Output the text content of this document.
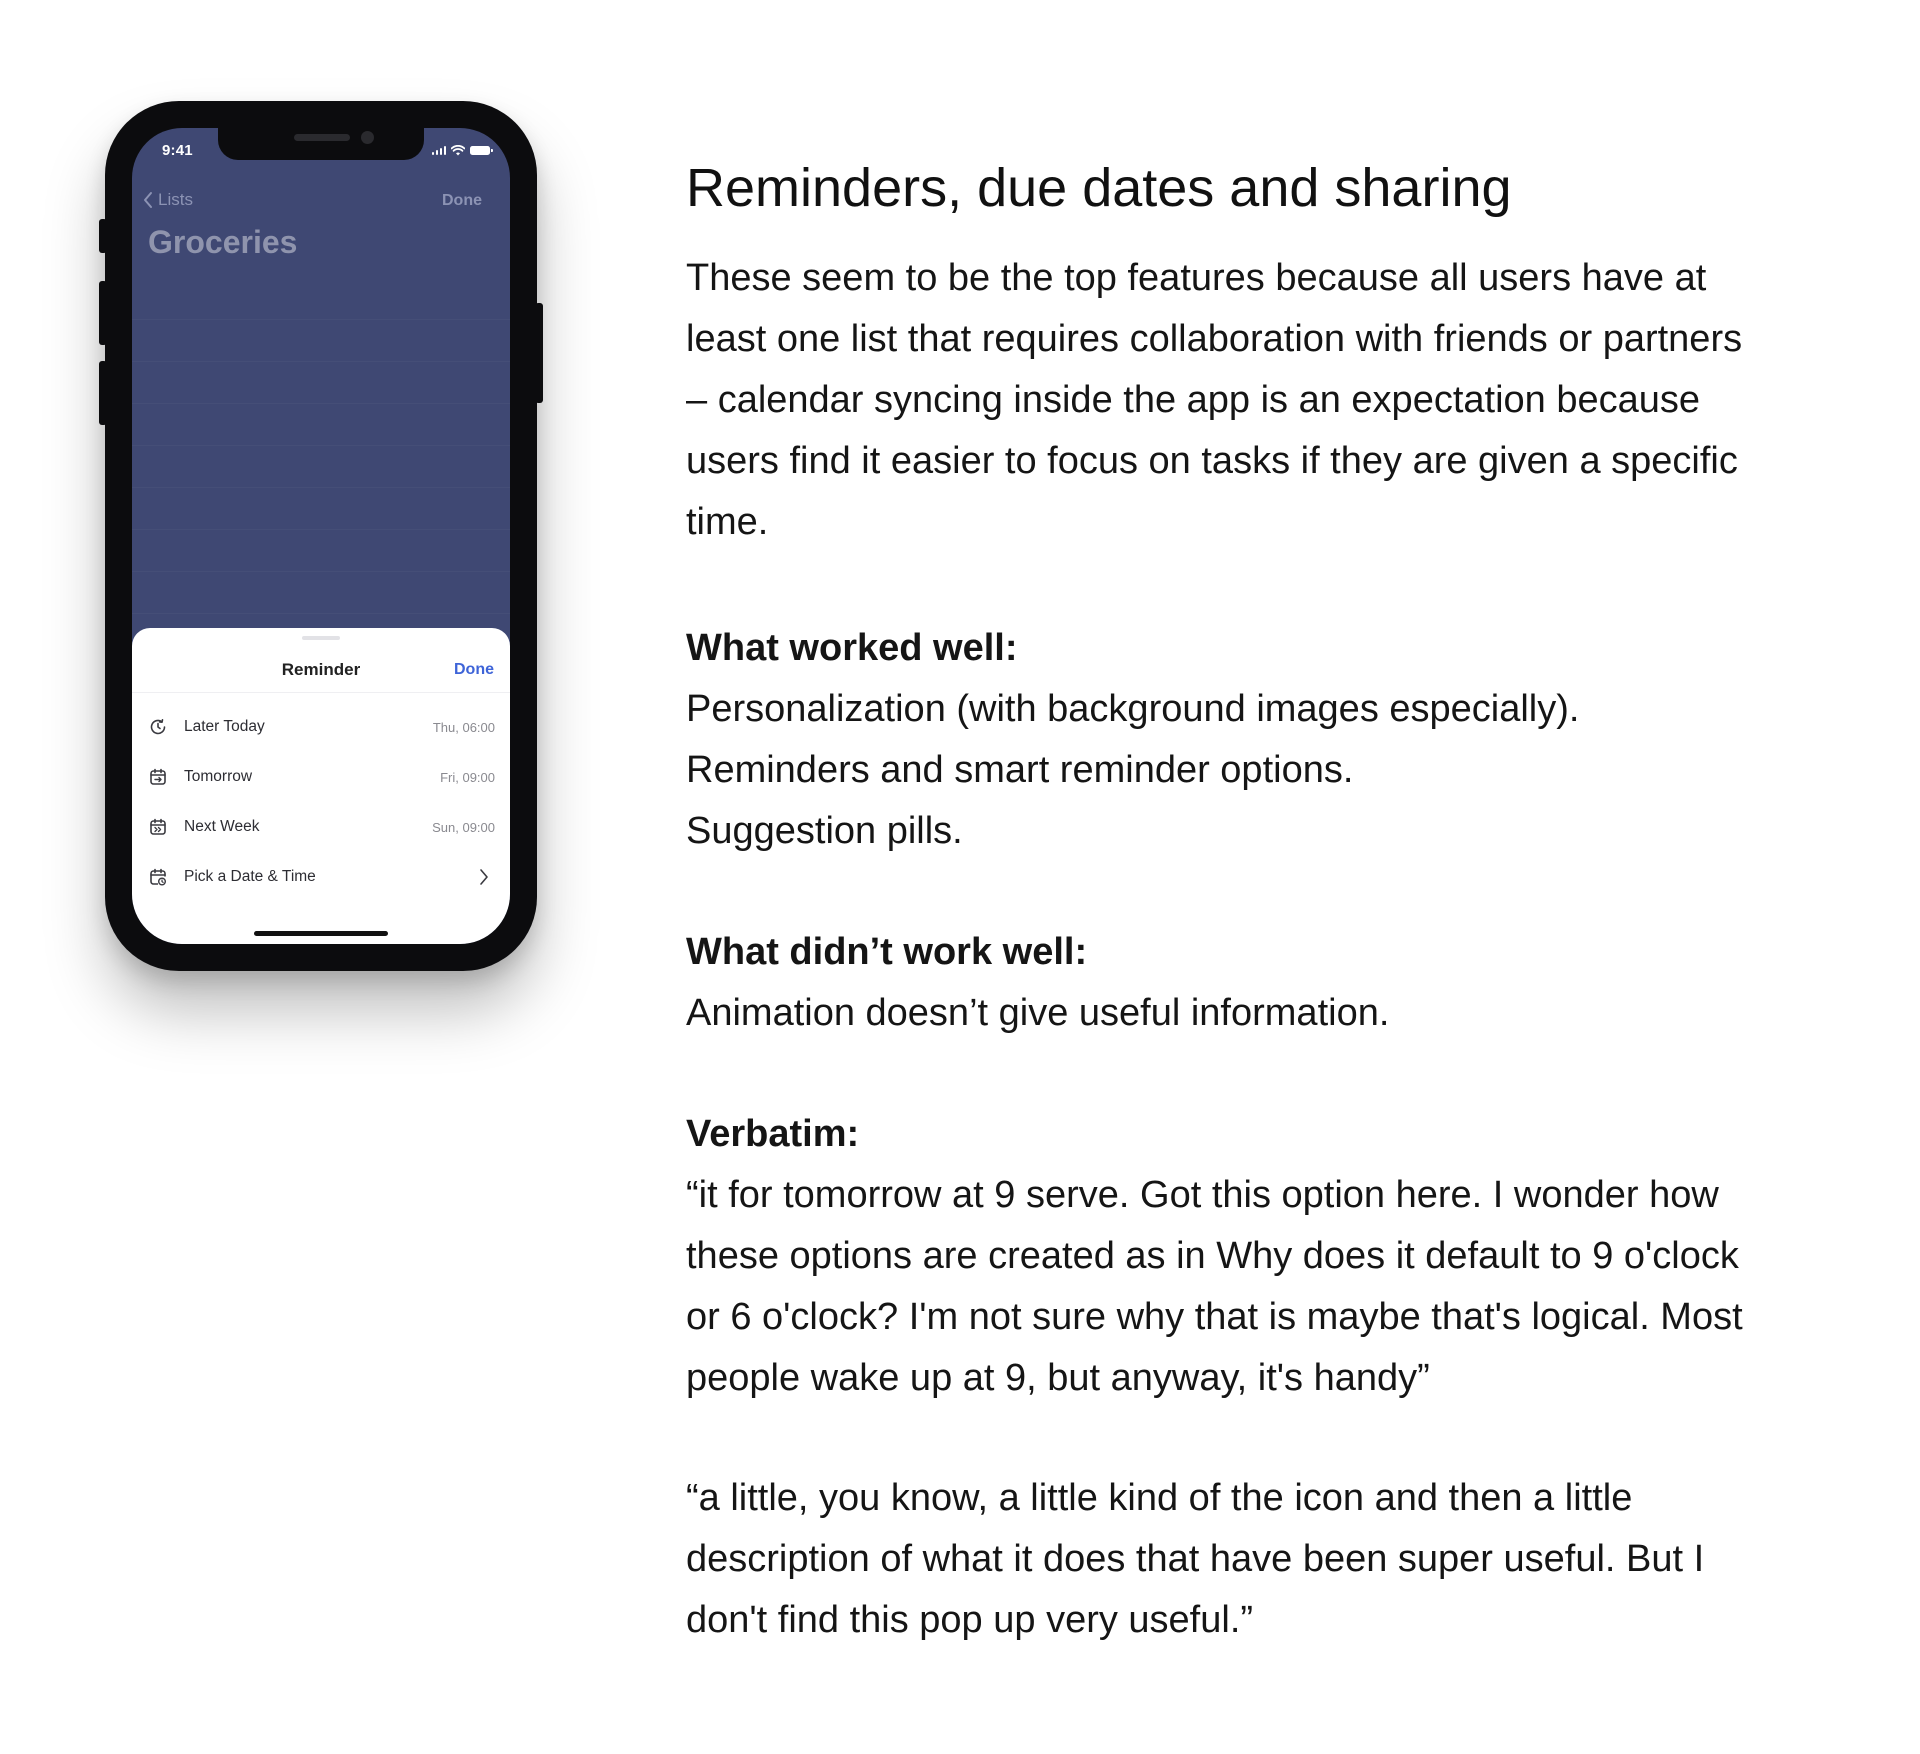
9:41
Lists	Done
Groceries
Reminder	Done
Later Today	Thu, 06:00
Tomorrow	Fri, 09:00
Next Week	Sun, 09:00
Pick a Date & Time
Reminders, due dates and sharing
These seem to be the top features because all users have at
least one list that requires collaboration with friends or partners
– calendar syncing inside the app is an expectation because
users find it easier to focus on tasks if they are given a specific
time.
What worked well:
Personalization (with background images especially).
Reminders and smart reminder options.
Suggestion pills.
What didn’t work well:
Animation doesn’t give useful information.
Verbatim:
“it for tomorrow at 9 serve. Got this option here. I wonder how
these options are created as in Why does it default to 9 o'clock
or 6 o'clock? I'm not sure why that is maybe that's logical. Most
people wake up at 9, but anyway, it's handy”
“a little, you know, a little kind of the icon and then a little
description of what it does that have been super useful. But I
don't find this pop up very useful.”
